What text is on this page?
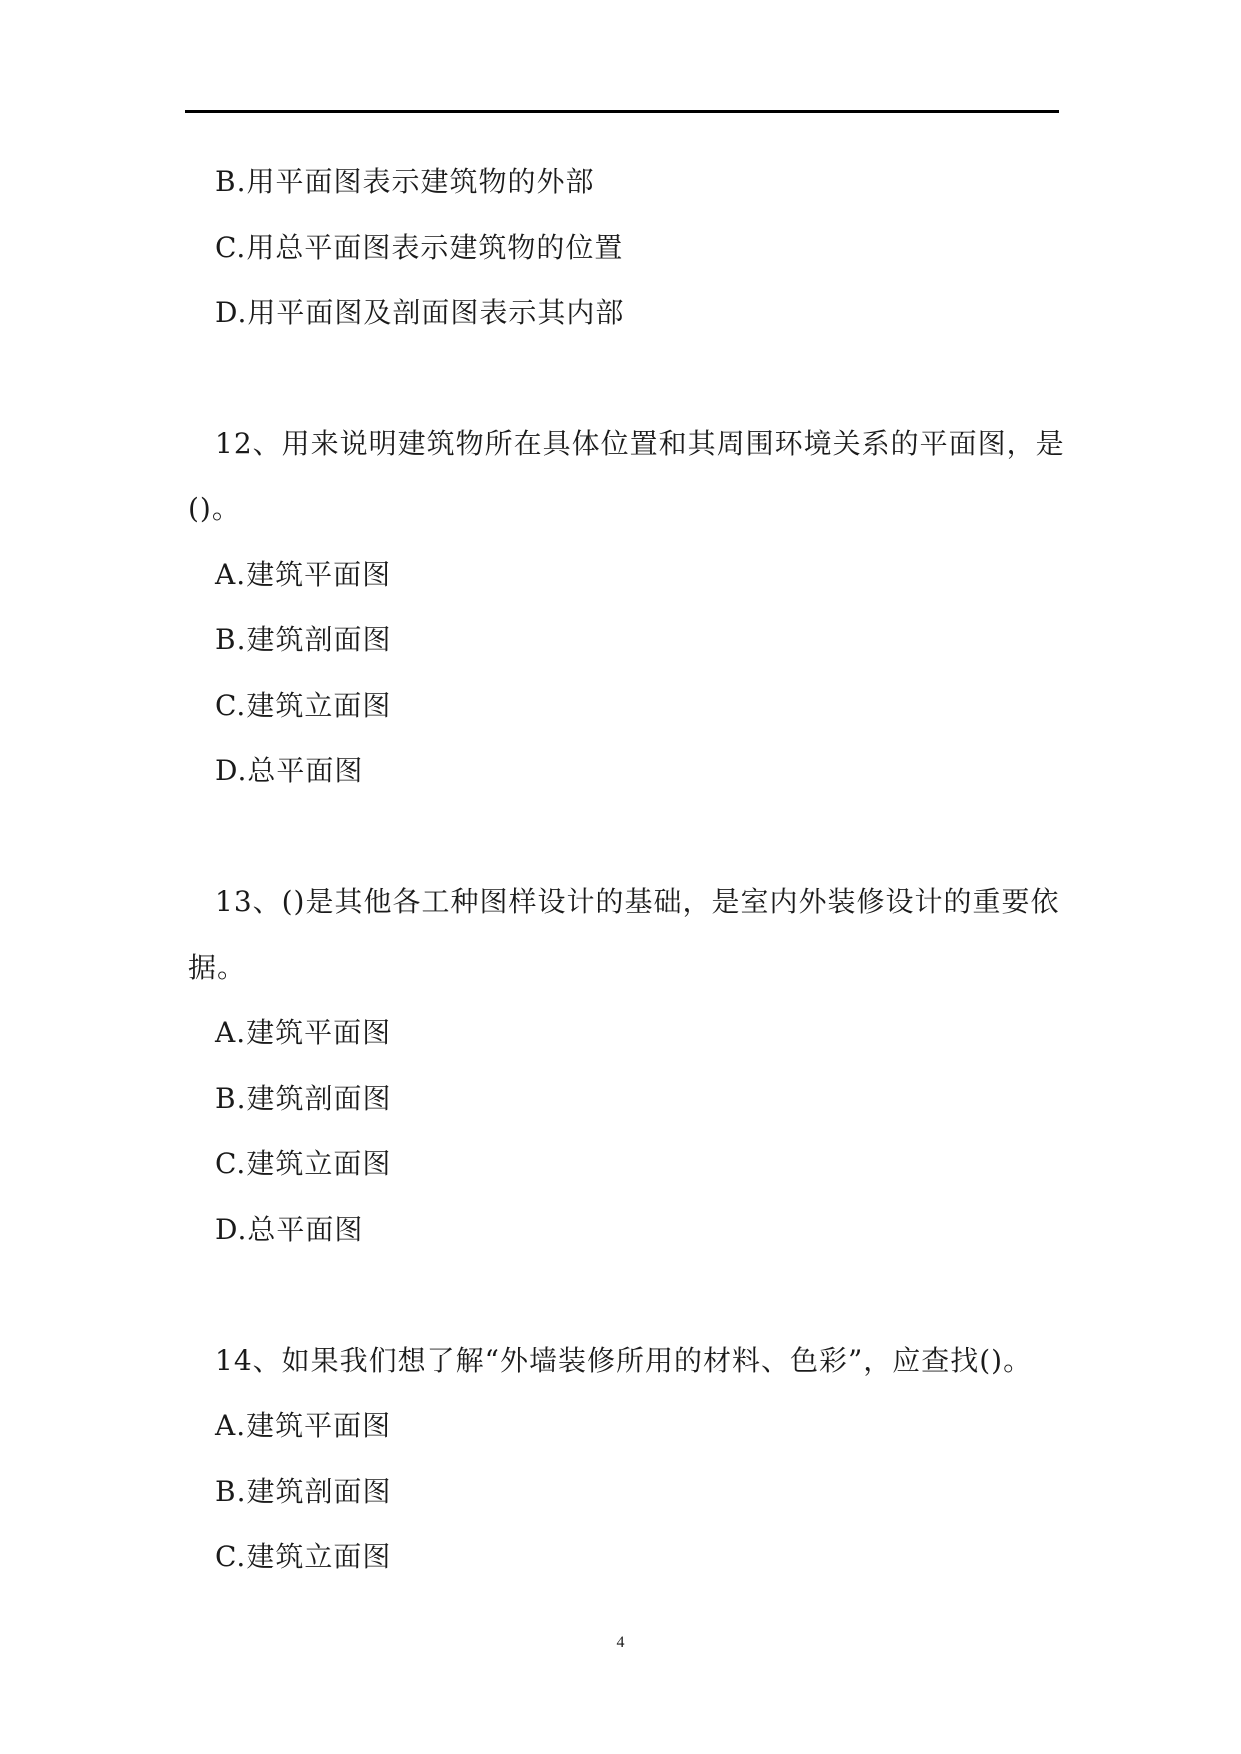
B.用平面图表示建筑物的外部
C.用总平面图表示建筑物的位置
D.用平面图及剖面图表示其内部
12、用来说明建筑物所在具体位置和其周围环境关系的平面图，是
()。
A.建筑平面图
B.建筑剖面图
C.建筑立面图
D.总平面图
13、()是其他各工种图样设计的基础，是室内外装修设计的重要依
据。
A.建筑平面图
B.建筑剖面图
C.建筑立面图
D.总平面图
14、如果我们想了解“外墙装修所用的材料、色彩”，应查找()。
A.建筑平面图
B.建筑剖面图
C.建筑立面图
4
